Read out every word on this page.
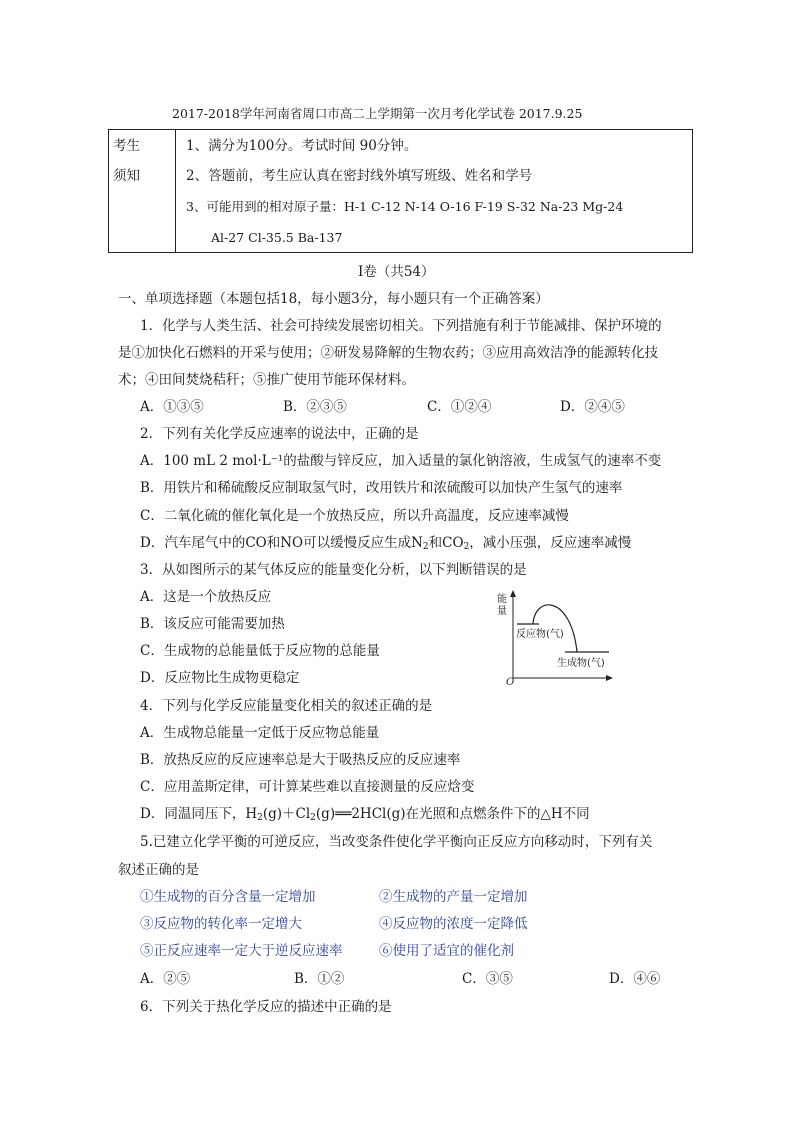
2017-2018学年河南省周口市高二上学期第一次月考化学试卷 2017.9.25
考生
须知
1、满分为100分。考试时间 90分钟。
2、答题前，考生应认真在密封线外填写班级、姓名和学号
3、可能用到的相对原子量：H-1 C-12 N-14 O-16 F-19 S-32 Na-23 Mg-24
Al-27 Cl-35.5 Ba-137
I卷（共54）
一、单项选择题（本题包括18，每小题3分，每小题只有一个正确答案）
1．化学与人类生活、社会可持续发展密切相关。下列措施有利于节能减排、保护环境的
是①加快化石燃料的开采与使用；②研发易降解的生物农药；③应用高效洁净的能源转化技
术；④田间焚烧秸秆；⑤推广使用节能环保材料。
A．①③⑤	B．②③⑤	C．①②④	D．②④⑤
2．下列有关化学反应速率的说法中，正确的是
A．100 mL 2 mol·L⁻¹的盐酸与锌反应，加入适量的氯化钠溶液，生成氢气的速率不变
B．用铁片和稀硫酸反应制取氢气时，改用铁片和浓硫酸可以加快产生氢气的速率
C．二氧化硫的催化氧化是一个放热反应，所以升高温度，反应速率减慢
D．汽车尾气中的CO和NO可以缓慢反应生成$N_2$和$CO_2$，减小压强，反应速率减慢
3．从如图所示的某气体反应的能量变化分析，以下判断错误的是
A．这是一个放热反应
B．该反应可能需要加热
C．生成物的总能量低于反应物的总能量
D．反应物比生成物更稳定
能
量
反应物(气)
生成物(气)
O
4．下列与化学反应能量变化相关的叙述正确的是
A．生成物总能量一定低于反应物总能量
B．放热反应的反应速率总是大于吸热反应的反应速率
C．应用盖斯定律，可计算某些难以直接测量的反应焓变
D．同温同压下，$H_2(g)+Cl_2(g)══2HCl(g)$在光照和点燃条件下的△H不同
5.已建立化学平衡的可逆反应，当改变条件使化学平衡向正反应方向移动时，下列有关
叙述正确的是
①生成物的百分含量一定增加	②生成物的产量一定增加
③反应物的转化率一定增大	④反应物的浓度一定降低
⑤正反应速率一定大于逆反应速率	⑥使用了适宜的催化剂
A．②⑤	B．①②	C．③⑤	D．④⑥
6．下列关于热化学反应的描述中正确的是
